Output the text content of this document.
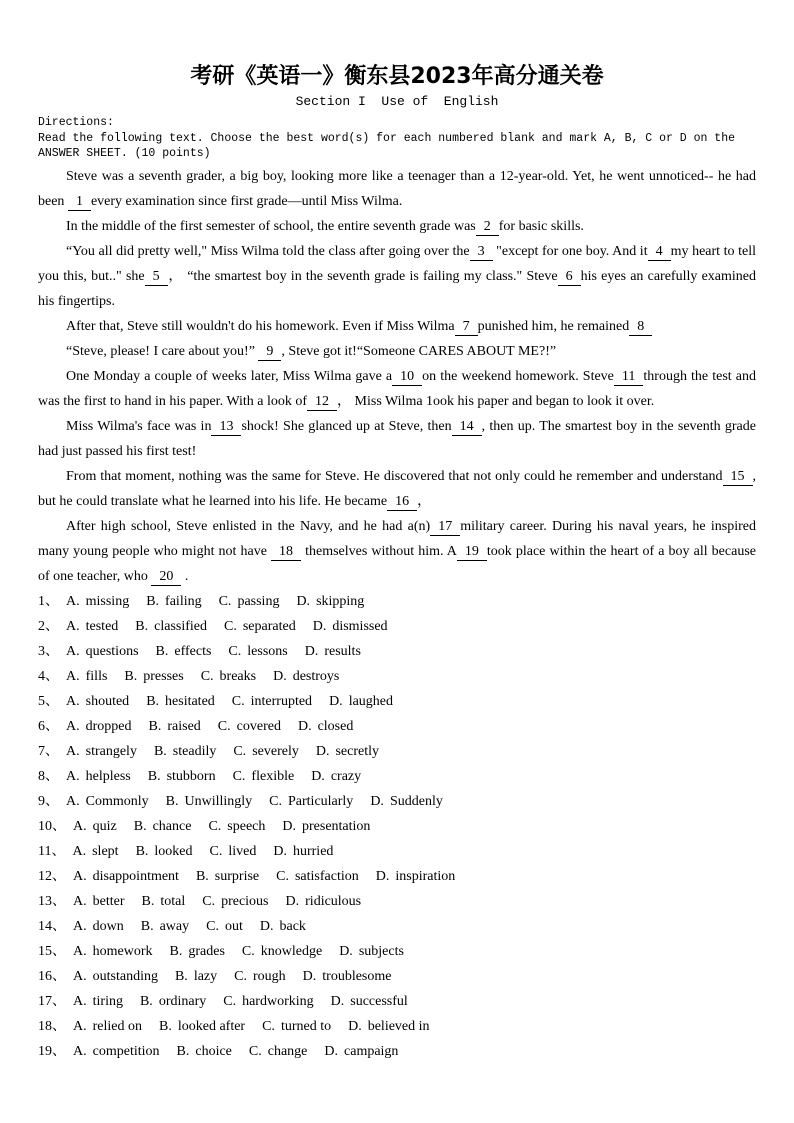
考研《英语一》衡东县2023年高分通关卷
Section I  Use of  English
Directions:
Read the following text. Choose the best word(s) for each numbered blank and mark A, B, C or D on the ANSWER SHEET. (10 points)

Steve was a seventh grader, a big boy, looking more like a teenager than a 12-year-old. Yet, he went unnoticed-- he had been 1 every examination since first grade—until Miss Wilma.

In the middle of the first semester of school, the entire seventh grade was 2 for basic skills.

“You all did pretty well," Miss Wilma told the class after going over the 3 "except for one boy. And it 4 my heart to tell you this, but.." she 5 ， “the smartest boy in the seventh grade is failing my class." Steve 6 his eyes an carefully examined his fingertips.

After that, Steve still wouldn't do his homework. Even if Miss Wilma 7 punished him, he remained 8

“Steve, please! I care about you!” 9 , Steve got it!“Someone CARES ABOUT ME?!”

One Monday a couple of weeks later, Miss Wilma gave a 10 on the weekend homework. Steve 11 through the test and was the first to hand in his paper. With a look of 12 ， Miss Wilma 1ook his paper and began to look it over.

Miss Wilma's face was in 13 shock! She glanced up at Steve, then 14 , then up. The smartest boy in the seventh grade had just passed his first test!

From that moment, nothing was the same for Steve. He discovered that not only could he remember and understand 15 , but he could translate what he learned into his life. He became 16 ，

After high school, Steve enlisted in the Navy, and he had a(n) 17 military career. During his naval years, he inspired many young people who might not have 18 themselves without him. A 19 took place within the heart of a boy all because of one teacher, who 20 .

1、 A. missing B. failing C. passing D. skipping
2、 A. tested B. classified C. separated D. dismissed
3、 A. questions B. effects C. lessons D. results
4、 A. fills B. presses C. breaks D. destroys
5、 A. shouted B. hesitated C. interrupted D. laughed
6、 A. dropped B. raised C. covered D. closed
7、 A. strangely B. steadily C. severely D. secretly
8、 A. helpless B. stubborn C. flexible D. crazy
9、 A. Commonly B. Unwillingly C. Particularly D. Suddenly
10、 A. quiz B. chance C. speech D. presentation
11、 A. slept B. looked C. lived D. hurried
12、 A. disappointment B. surprise C. satisfaction D. inspiration
13、 A. better B. total C. precious D. ridiculous
14、 A. down B. away C. out D. back
15、 A. homework B. grades C. knowledge D. subjects
16、 A. outstanding B. lazy C. rough D. troublesome
17、 A. tiring B. ordinary C. hardworking D. successful
18、 A. relied on B. looked after C. turned to D. believed in
19、 A. competition B. choice C. change D. campaign
